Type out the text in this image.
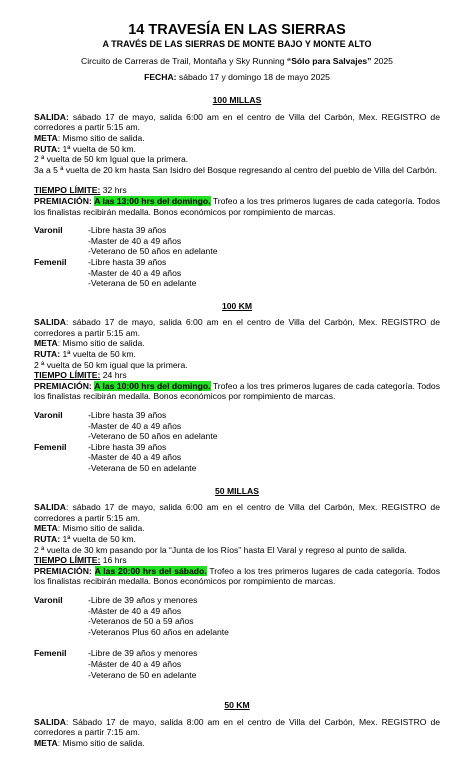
14 TRAVESÍA EN LAS SIERRAS

A TRAVÉS DE LAS SIERRAS DE MONTE BAJO Y MONTE ALTO

Circuito de Carreras de Trail, Montaña y Sky Running “Sólo para Salvajes” 2025

FECHA: sábado 17 y domingo 18 de mayo 2025

100 MILLAS

SALIDA: sábado 17 de mayo, salida 6:00 am en el centro de Villa del Carbón, Mex. REGISTRO de corredores a partir 5:15 am.

META: Mismo sitio de salida.

RUTA: 1ª vuelta de 50 km.

2 ª vuelta de 50 km Igual que la primera.

3a a 5 ª vuelta de 20 km hasta San Isidro del Bosque regresando al centro del pueblo de Villa del Carbón.

TIEMPO LÍMITE: 32 hrs

PREMIACIÓN: A las 13:00 hrs del domingo. Trofeo a los tres primeros lugares de cada categoría. Todos los finalistas recibirán medalla. Bonos económicos por rompimiento de marcas.

Varonil	-Libre hasta 39 años
-Master de 40 a 49 años
-Veterano de 50 años en adelante
Femenil	-Libre hasta 39 años
-Master de 40 a 49 años
-Veterana de 50 en adelante

100 KM

SALIDA: sábado 17 de mayo, salida 6:00 am en el centro de Villa del Carbón, Mex. REGISTRO de corredores a partir 5:15 am.

META: Mismo sitio de salida.

RUTA: 1ª vuelta de 50 km.

2 ª vuelta de 50 km igual que la primera.

TIEMPO LÍMITE: 24 hrs

PREMIACIÓN: A las 10:00 hrs del domingo. Trofeo a los tres primeros lugares de cada categoría. Todos los finalistas recibirán medalla. Bonos económicos por rompimiento de marcas.

Varonil	-Libre hasta 39 años
-Master de 40 a 49 años
-Veterano de 50 años en adelante
Femenil	-Libre hasta 39 años
-Master de 40 a 49 años
-Veterana de 50 en adelante

50 MILLAS

SALIDA: sábado 17 de mayo, salida 6:00 am en el centro de Villa del Carbón, Mex. REGISTRO de corredores a partir 5:15 am.

META: Mismo sitio de salida.

RUTA: 1ª vuelta de 50 km.

2 ª vuelta de 30 km pasando por la “Junta de los Ríos” hasta El Varal y regreso al punto de salida.

TIEMPO LÍMITE: 16 hrs

PREMIACIÓN: A las 20:00 hrs del sábado. Trofeo a los tres primeros lugares de cada categoría. Todos los finalistas recibirán medalla. Bonos económicos por rompimiento de marcas.

Varonil	-Libre de 39 años y menores
-Máster de 40 a 49 años
-Veteranos de 50 a 59 años
-Veteranos Plus 60 años en adelante
Femenil	-Libre de 39 años y menores
-Máster de 40 a 49 años
-Veterano de 50 en adelante

50 KM

SALIDA: Sábado 17 de mayo, salida 8:00 am en el centro de Villa del Carbón, Mex. REGISTRO de corredores a partir 7:15 am.

META: Mismo sitio de salida.
